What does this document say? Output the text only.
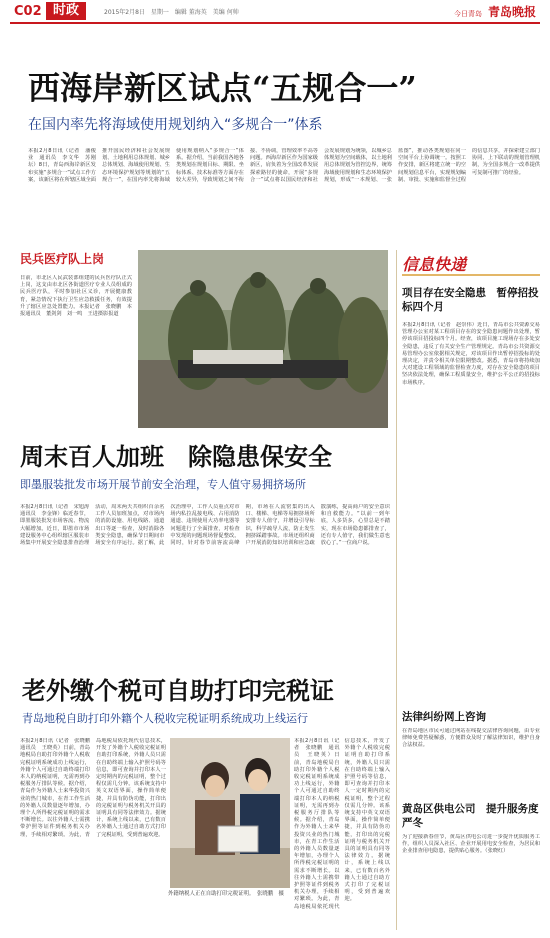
C02 时政	2015年2月8日　星期一　编辑 董海英　美编 何帅	今日青岛 青岛晚报
西海岸新区试点“五规合一”
在国内率先将海域使用规划纳入“多规合一”体系
本报2月8日讯（记者　潘俊业　通讯员　李文华　苏刚坛）8日，青岛西海岸新区发布实施“多规合一”试点工作方案，该新区将在所辖区域全面推开国民经济和社会发展规划、土地利用总体规划、城乡总体规划、海域使用规划、生态环境保护规划等规划的“五规合一”，在国内率先将海域使用规划纳入“多规合一”体系。据介绍，当前我国各地各类规划在规划目标、期限、坐标体系、技术标准等方面存在较大差异，导致规划之间不衔接、不协调，管理效率不高等问题。西海岸新区作为国家级新区，肩负着为全国改革发展探索路径的使命，开展“多规合一”试点将以国民经济和社会发展规划为统领，以城乡总体规划为空间载体，以土地利用总体规划为管控边界，统筹海域使用规划和生态环境保护规划，形成“一本规划、一张蓝图”，推动各类规划在同一空间平台上协调统一。按照工作安排，新区将建立统一的空间规划信息平台，实现规划编制、审批、实施和监督全过程的信息共享，并探索建立部门协同、上下联动的规划管理机制，为全国多规合一改革提供可复制可推广的经验。
民兵医疗队上岗
日前，市北区人民武装部组建的民兵医疗队正式上岗，这支由市北区各街道医疗专业人员组成的民兵医疗队，平时参加社区义诊，开展健康教育，紧急情况下执行卫生应急救援任务，有效提升了辖区应急处置能力。本报记者　张晓鹏　本报通讯员　董剑剑　刘一鸣　王进摄影报道
周末百人加班　除隐患保安全
即墨服装批发市场开展节前安全治理，专人值守易拥挤场所
本报2月8日讯（记者　宋旭涛　通讯员　李金锋）临近春节，即墨服装批发市场客流、物流大幅增加。近日，即墨市市场建设服务中心组织辖区服装市场集中开展安全隐患排查治理活动，周末两天共组织百余名工作人员加班加点，对市场内的消防设施、用电线路、通道出口等逐一检查，及时消除各类安全隐患，确保节日期间市场安全有序运行。据了解，此次治理中，工作人员重点对市场内私拉乱接电线、占用消防通道、违规使用大功率电器等问题进行了全面排查，对检查中发现的问题现场督促整改。同时，针对春节前客流高峰期，市场在人流密集的出入口、楼梯、电梯等易拥挤场所安排专人值守，并增设引导标识，科学疏导人流，防止发生拥挤踩踏事故。市场还组织商户开展消防知识培训和应急疏散演练，提高商户的安全意识和自救能力。“以前一到年底，人多货多，心里总是不踏实，现在市场隐患都排查了，还有专人值守，我们做生意也放心了。”一位商户说。
老外缴个税可自助打印完税证
青岛地税自助打印外籍个人税收完税证明系统成功上线运行
本报2月8日讯（记者　张晓鹏　通讯员　王晓英）日前，青岛地税局自助打印外籍个人税收完税证明系统成功上线运行，外籍个人可通过自助终端打印本人的纳税证明，无需再到办税服务厅排队等候。据介绍，青岛作为外籍人士来华投资兴业的热门城市，在青工作生活的外籍人员数量逐年增加，办理个人所得税完税证明的需求不断增长。以往外籍人士需携带护照等证件到税务机关办理，手续相对繁琐。为此，青岛地税局依托现代信息技术，开发了外籍个人税收完税证明自助打印系统，外籍人员只需在自助终端上输入护照号码等信息，即可查询并打印本人一定时期内的完税证明，整个过程仅需几分钟。该系统支持中英文双语界面，操作简单便捷，并具有防伪功能，打印出的完税证明与税务机关开具的证明具有同等法律效力。据统计，系统上线以来，已有数百名外籍人士通过自助方式打印了完税证明，受到普遍欢迎。
外籍纳税人正在自助打印完税证明。　张晓鹏　摄
本报2月8日讯（记者　张晓鹏　通讯员　王晓英）日前，青岛地税局自助打印外籍个人税收完税证明系统成功上线运行，外籍个人可通过自助终端打印本人的纳税证明，无需再到办税服务厅排队等候。据介绍，青岛作为外籍人士来华投资兴业的热门城市，在青工作生活的外籍人员数量逐年增加，办理个人所得税完税证明的需求不断增长。以往外籍人士需携带护照等证件到税务机关办理，手续相对繁琐。为此，青岛地税局依托现代信息技术，开发了外籍个人税收完税证明自助打印系统，外籍人员只需在自助终端上输入护照号码等信息，即可查询并打印本人一定时期内的完税证明，整个过程仅需几分钟。该系统支持中英文双语界面，操作简单便捷，并具有防伪功能，打印出的完税证明与税务机关开具的证明具有同等法律效力。据统计，系统上线以来，已有数百名外籍人士通过自助方式打印了完税证明，受到普遍欢迎。
信息快递
项目存在安全隐患　暂停招投标四个月
本报2月8日讯（记者　赵崇伟）近日，青岛市公共资源交易管理办公室对某工程项目存在的安全隐患问题作出处理，暂停该项目招投标四个月。经查，该项目施工现场存在多处安全隐患，违反了有关安全生产管理规定。青岛市公共资源交易管理办公室依据相关规定，对该项目作出暂停招投标的处理决定，并责令相关单位限期整改。据悉，青岛市将持续加大对建设工程领域的监督检查力度，对存在安全隐患的项目坚决依法处理，确保工程质量安全，维护公平公正的招投标市场秩序。
法律纠纷网上咨询
在青岛地区市民可通过网站在线提交法律咨询问题，由专业律师免费答疑解惑，方便群众及时了解法律知识，维护自身合法权益。
黄岛区供电公司　提升服务度严冬
为了迎接新春佳节，黄岛区供电公司进一步提升优质服务工作，组织人员深入社区、企业开展用电安全检查，为居民和企业排查用电隐患，提供贴心服务。（张晓红）
